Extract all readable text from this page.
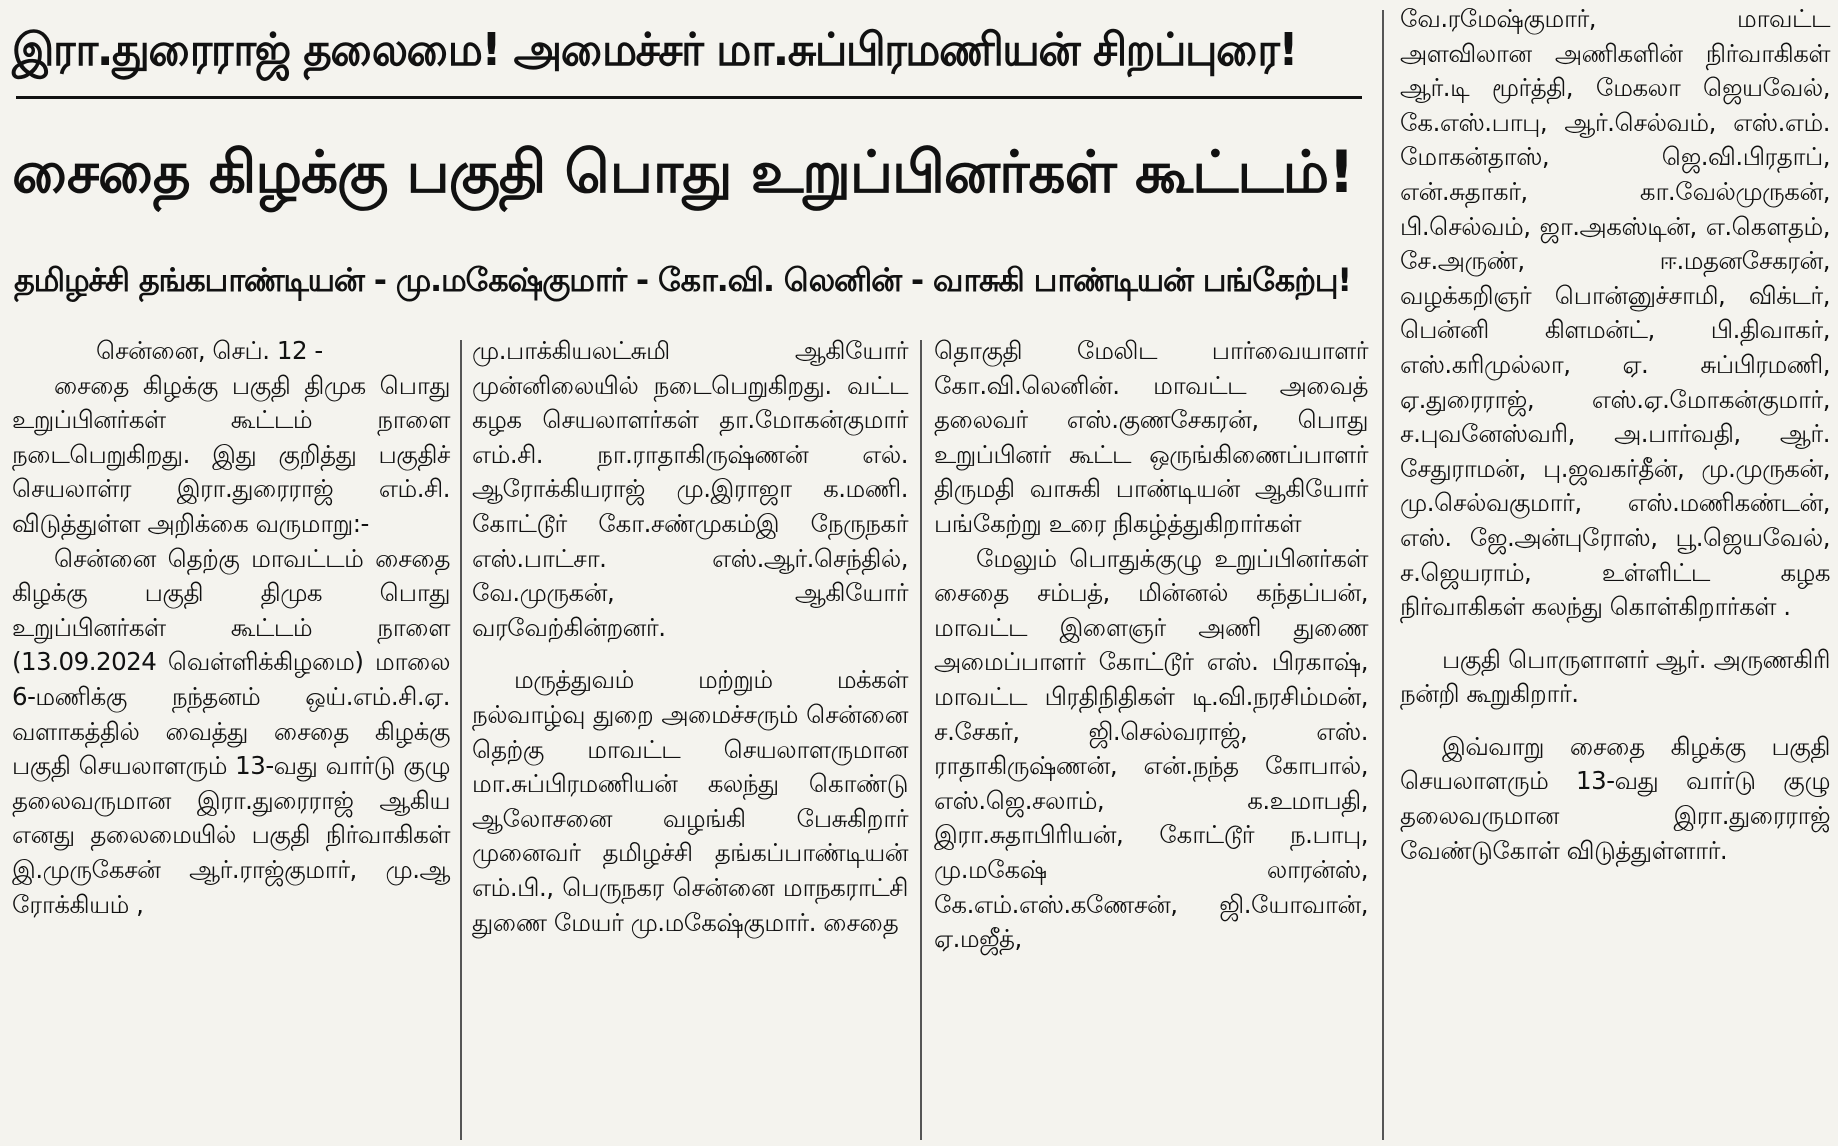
இரா.துரைராஜ் தலைமை! அமைச்சர் மா.சுப்பிரமணியன் சிறப்புரை!
சைதை கிழக்கு பகுதி பொது உறுப்பினர்கள் கூட்டம்!
தமிழச்சி தங்கபாண்டியன் - மு.மகேஷ்குமார் - கோ.வி. லெனின் - வாசுகி பாண்டியன் பங்கேற்பு!

சென்னை, செப். 12 -

சைதை கிழக்கு பகுதி திமுக பொது உறுப்பினர்கள் கூட்டம் நாளை நடைபெறுகிறது. இது குறித்து பகுதிச் செயலாள்ர இரா.துரைராஜ் எம்.சி. விடுத்துள்ள அறிக்கை வருமாறு:-

சென்னை தெற்கு மாவட்டம் சைதை கிழக்கு பகுதி திமுக பொது உறுப்பினர்கள் கூட்டம் நாளை (13.09.2024 வெள்ளிக்கிழமை) மாலை 6-மணிக்கு நந்தனம் ஒய்.எம்.சி.ஏ. வளாகத்தில் வைத்து சைதை கிழக்கு பகுதி செயலாளரும் 13-வது வார்டு குழு தலைவருமான இரா.துரைராஜ் ஆகிய எனது தலைமையில் பகுதி நிர்வாகிகள் இ.முருகேசன் ஆர்.ராஜ்குமார், மு.ஆ ரோக்கியம் ,

மு.பாக்கியலட்சுமி ஆகியோர் முன்னிலையில் நடைபெறுகிறது. வட்ட கழக செயலாளர்கள் தா.மோகன்குமார் எம்.சி. நா.ராதாகிருஷ்ணன் எல். ஆரோக்கியராஜ் மு.இராஜா க.மணி. கோட்டூர் கோ.சண்முகம்இ நேருநகர் எஸ்.பாட்சா. எஸ்.ஆர்.செந்தில், வே.முருகன், ஆகியோர் வரவேற்கின்றனர்.

மருத்துவம் மற்றும் மக்கள் நல்வாழ்வு துறை அமைச்சரும் சென்னை தெற்கு மாவட்ட செயலாளருமான மா.சுப்பிரமணியன் கலந்து கொண்டு ஆலோசனை வழங்கி பேசுகிறார் முனைவர் தமிழச்சி தங்கப்பாண்டியன் எம்.பி., பெருநகர சென்னை மாநகராட்சி துணை மேயர் மு.மகேஷ்குமார். சைதை

தொகுதி மேலிட பார்வையாளர் கோ.வி.லெனின். மாவட்ட அவைத் தலைவர் எஸ்.குணசேகரன், பொது உறுப்பினர் கூட்ட ஒருங்கிணைப்பாளர் திருமதி வாசுகி பாண்டியன் ஆகியோர் பங்கேற்று உரை நிகழ்த்துகிறார்கள்

மேலும் பொதுக்குழு உறுப்பினர்கள் சைதை சம்பத், மின்னல் கந்தப்பன், மாவட்ட இளைஞர் அணி துணை அமைப்பாளர் கோட்டூர் எஸ். பிரகாஷ், மாவட்ட பிரதிநிதிகள் டி.வி.நரசிம்மன், ச.சேகர், ஜி.செல்வராஜ், எஸ். ராதாகிருஷ்ணன், என்.நந்த கோபால், எஸ்.ஜெ.சலாம், க.உமாபதி, இரா.சுதாபிரியன், கோட்டூர் ந.பாபு, மு.மகேஷ் லாரன்ஸ், கே.எம்.எஸ்.கணேசன், ஜி.யோவான், ஏ.மஜீத்,

வே.ரமேஷ்குமார், மாவட்ட அளவிலான அணிகளின் நிர்வாகிகள் ஆர்.டி மூர்த்தி, மேகலா ஜெயவேல், கே.எஸ்.பாபு, ஆர்.செல்வம், எஸ்.எம். மோகன்தாஸ், ஜெ.வி.பிரதாப், என்.சுதாகர், கா.வேல்முருகன், பி.செல்வம், ஜா.அகஸ்டின், எ.கௌதம், சே.அருண், ஈ.மதனசேகரன், வழக்கறிஞர் பொன்னுச்சாமி, விக்டர், பென்னி கிளமன்ட், பி.திவாகர், எஸ்.கரிமுல்லா, ஏ. சுப்பிரமணி, ஏ.துரைராஜ், எஸ்.ஏ.மோகன்குமார், ச.புவனேஸ்வரி, அ.பார்வதி, ஆர். சேதுராமன், பு.ஜவகர்தீன், மு.முருகன், மு.செல்வகுமார், எஸ்.மணிகண்டன், எஸ். ஜே.அன்புரோஸ், பூ.ஜெயவேல், ச.ஜெயராம், உள்ளிட்ட கழக நிர்வாகிகள் கலந்து கொள்கிறார்கள் .

பகுதி பொருளாளர் ஆர். அருணகிரி நன்றி கூறுகிறார்.

இவ்வாறு சைதை கிழக்கு பகுதி செயலாளரும் 13-வது வார்டு குழு தலைவருமான இரா.துரைராஜ் வேண்டுகோள் விடுத்துள்ளார்.
